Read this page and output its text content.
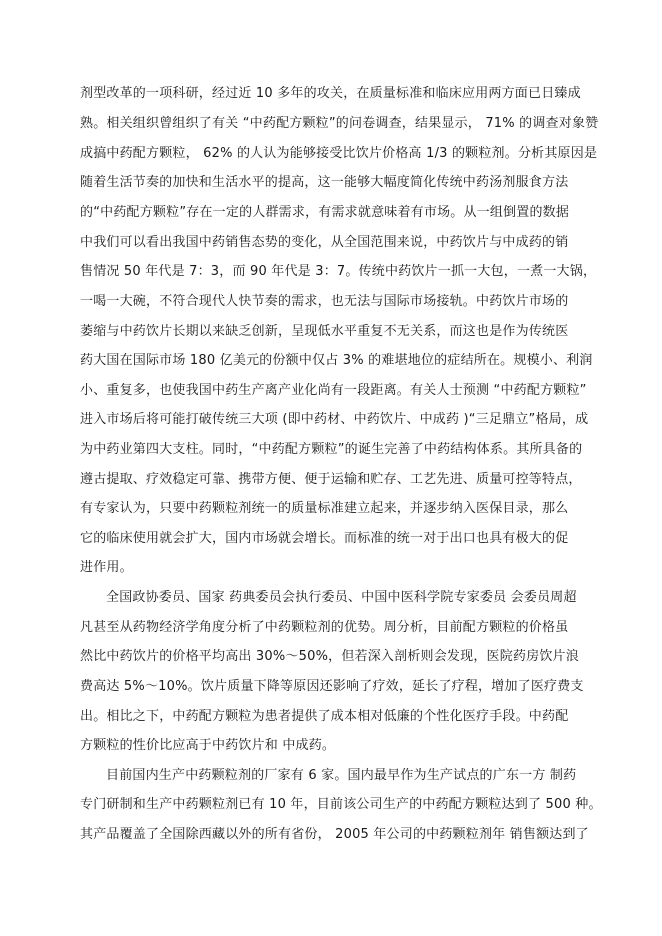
剂型改革的一项科研，经过近 10 多年的攻关，在质量标准和临床应用两方面已日臻成
熟。相关组织曾组织了有关 “中药配方颗粒”的问卷调查，结果显示， 71% 的调查对象赞
成搞中药配方颗粒， 62% 的人认为能够接受比饮片价格高 1/3 的颗粒剂。分析其原因是
随着生活节奏的加快和生活水平的提高，这一能够大幅度简化传统中药汤剂服食方法
的“中药配方颗粒”存在一定的人群需求，有需求就意味着有市场。从一组倒置的数据
中我们可以看出我国中药销售态势的变化，从全国范围来说，中药饮片与中成药的销
售情况 50 年代是 7：3，而 90 年代是 3：7。传统中药饮片一抓一大包，一煮一大锅，
一喝一大碗，不符合现代人快节奏的需求，也无法与国际市场接轨。中药饮片市场的
萎缩与中药饮片长期以来缺乏创新，呈现低水平重复不无关系，而这也是作为传统医
药大国在国际市场 180 亿美元的份额中仅占 3% 的难堪地位的症结所在。规模小、利润
小、重复多，也使我国中药生产离产业化尚有一段距离。有关人士预测 “中药配方颗粒”
进入市场后将可能打破传统三大项 (即中药材、中药饮片、中成药 )“三足鼎立”格局，成
为中药业第四大支柱。同时，“中药配方颗粒”的诞生完善了中药结构体系。其所具备的
遵古提取、疗效稳定可靠、携带方便、便于运输和贮存、工艺先进、质量可控等特点，
有专家认为，只要中药颗粒剂统一的质量标准建立起来，并逐步纳入医保目录，那么
它的临床使用就会扩大，国内市场就会增长。而标准的统一对于出口也具有极大的促
进作用。
全国政协委员、国家 药典委员会执行委员、中国中医科学院专家委员 会委员周超
凡甚至从药物经济学角度分析了中药颗粒剂的优势。周分析，目前配方颗粒的价格虽
然比中药饮片的价格平均高出 30%～50%，但若深入剖析则会发现，医院药房饮片浪
费高达 5%～10%。饮片质量下降等原因还影响了疗效，延长了疗程，增加了医疗费支
出。相比之下，中药配方颗粒为患者提供了成本相对低廉的个性化医疗手段。中药配
方颗粒的性价比应高于中药饮片和 中成药。
目前国内生产中药颗粒剂的厂家有 6 家。国内最早作为生产试点的广东一方 制药
专门研制和生产中药颗粒剂已有 10 年，目前该公司生产的中药配方颗粒达到了 500 种。
其产品覆盖了全国除西藏以外的所有省份， 2005 年公司的中药颗粒剂年 销售额达到了
